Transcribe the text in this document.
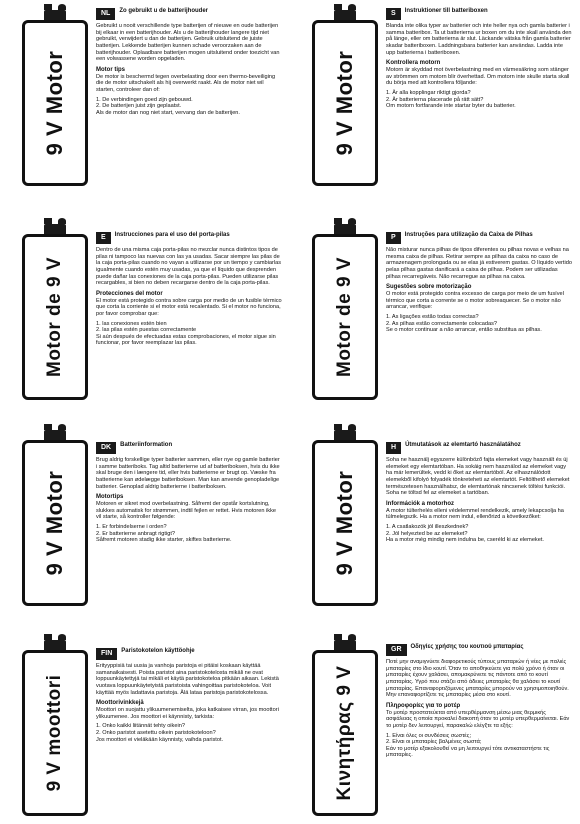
9 V Motor
NL Zo gebruikt u de batterijhouder
Gebruikt u nooit verschillende type batterijen of nieuwe en oude batterijen bij elkaar in een batterijhouder. Als u de batterijhouder langere tijd niet gebruikt, verwijdert u dan de batterijen. Gebruik uitsluitend de juiste batterijen. Lekkende batterijen kunnen schade veroorzaken aan de batterijhouder. Oplaadbare batterijen mogen uitsluitend onder toezicht van een volwassene worden opgeladen.
Motor tips
De motor is beschermd tegen overbelasting door een thermo-beveiliging die de motor uitschakelt als hij overwerkt raakt. Als de motor niet wil starten, controleer dan of:
1. De verbindingen goed zijn gebouwd.
2. De batterijen juist zijn geplaatst.
Als de motor dan nog niet start, vervang dan de batterijen.	9 V Motor
S Instruktioner till batteriboxen
Blanda inte olika typer av batterier och inte heller nya och gamla batterier i samma batteribox. Ta ut batterierna ur boxen om du inte skall använda den på länge, eller om batterierna är slut. Läckande vätska från gamla batterier skadar batteriboxen. Laddningsbara batterier kan användas. Ladda inte upp batterierna i batteriboxen.
Kontrollera motorn
Motorn är skyddad mot överbelastning med en värmesäkring som stänger av strömmen om motorn blir överhettad. Om motorn inte skulle starta skall du börja med att kontrollera följande:
1. Är alla kopplingar riktigt gjorda?
2. Är batterierna placerade på rätt sätt?
Om motorn fortfarande inte startar byter du batterier.
Motor de 9 V
E Instrucciones para el uso del porta-pilas
Dentro de una misma caja porta-pilas no mezclar nunca distintos tipos de pilas ni tampoco las nuevas con las ya usadas. Sacar siempre las pilas de la caja porta-pilas cuando no vayan a utilizarse por un tiempo y cambiarlas igualmente cuando estén muy usadas, ya que el líquido que desprenden puede dañar las conexiones de la caja porta-pilas. Pueden utilizarse pilas recargables, si bien no deben recargarse dentro de la caja porta-pilas.
Protecciones del motor
El motor está protegido contra sobre carga por medio de un fusible térmico que corta la corriente si el motor está recalentado. Si el motor no funciona, por favor comprobar que:
1. las conexiones estén bien
2. las pilas estén puestas correctamente
Si aún después de efectuadas estas comprobaciones, el motor sigue sin funcionar, por favor reemplazar las pilas.	Motor de 9 V
P Instruções para utilização da Caixa de Pilhas
Não misturar nunca pilhas de tipos diferentes ou pilhas novas e velhas na mesma caixa de pilhas. Retirar sempre as pilhas da caixa no caso de armazenagem prolongada ou se elas já estiverem gastas. O líquido vertido pelas pilhas gastas danificará a caixa de pilhas. Podem ser utilizadas pilhas recarregáveis. Não recarregue as pilhas na caixa.
Sugestões sobre motorização
O motor está protegido contra excesso de carga por meio de um fusível térmico que corta a corrente se o motor sobreaquecer. Se o motor não arrancar, verifique:
1. As ligações estão todas correctas?
2. As pilhas estão correctamente colocadas?
Se o motor continuar a não arrancar, então substitua as pilhas.
9 V Motor
DK Batteriinformation
Brug aldrig forskellige typer batterier sammen, eller nye og gamle batterier i samme batteriboks. Tag altid batterierne ud af batteriboksen, hvis du ikke skal bruge den i længere tid, eller hvis batterierne er brugt op. Væske fra batterierne kan ødelægge batteriboksen. Man kan anvende genopladelige batterier. Genoplad aldrig batterierne i batteriboksen.
Motortips
Motoren er sikret mod overbelastning. Såfremt der opstår kortslutning, slukkes automatisk for strømmen, indtil fejlen er rettet. Hvis motoren ikke vil starte, så kontroller følgende:
1. Er forbindelserne i orden?
2. Er batterierne anbragt rigtigt?
Såfremt motoren stadig ikke starter, skiftes batterierne.	9 V Motor
H Útmutatások az elemtartó használatához
Soha ne használj egyszerre különböző fajta elemeket vagy használt és új elemeket egy elemtartóban. Ha sokáig nem használod az elemeket vagy ha már lemerültek, vedd ki őket az elemtartóból. Az elhasználódott elemekből kifolyó folyadék tönkreteheti az elemtartót. Feltölthető elemeket természetesen használhatsz, de elemtartónak nincsenek töltési funkciói. Soha ne töltsd fel az elemeket a tartóban.
Információk a motorhoz
A motor túlterhelés elleni védelemmel rendelkezik, amely lekapcsolja ha túlmelegszik. Ha a motor nem indul, ellenőrizd a következőket:
1. A csatlakozók jól illeszkednek?
2. Jól helyezted be az elemeket?
Ha a motor még mindig nem indulna be, cseréld ki az elemeket.
9 V moottori
FIN Paristokotelon käyttöohje
Erityyppisiä tai uusia ja vanhoja paristoja ei pitäisi koskaan käyttää samanaikaisesti. Poista paristot aina paristokotelosta mikäli ne ovat loppuunkäytettyjä tai mikäli et käytä paristokoteloa pitkään aikaan. Lekistä vuotava loppuunkäytetyistä paristoista vahingoittaa paristokoteloa. Voit käyttää myös ladattavia paristoja. Älä lataa paristoja paristokotelossa.
Moottorivinkkejä
Moottori on suojattu ylikuumenemiselta, joka katkaisee virran, jos moottori ylikuumenee. Jos moottori ei käynnisty, tarkista:
1. Onko kaikki liitännät tehty oikein?
2. Onko paristot asetettu oikein paristokoteloon?
Jos moottori ei vieläkään käynnisty, vaihda paristot.	Κινητήρας 9 V
GR Οδηγίες χρήσης του κουτιού μπαταρίας
Ποτέ μην αναμιγνύετε διαφορετικούς τύπους μπαταριών ή νέες με παλιές μπαταρίες στο ίδιο κουτί. Όταν το αποθηκεύετε για πολύ χρόνο ή όταν οι μπαταρίες έχουν χαλάσει, απομακρύνετε τις πάντοτε από το κουτί μπαταρίας. Υγρό που στάζει από άδειες μπαταρίες θα χαλάσει το κουτί μπαταρίας. Επαναφορτιζόμενες μπαταρίες μπορούν να χρησιμοποιηθούν. Μην επαναφορτίζετε τις μπαταρίες μέσα στο κουτί.
Πληροφορίες για το μοτέρ
Το μοτέρ προστατεύεται από υπερθέρμανση μέσω μιας θερμικής ασφάλειας η οποία προκαλεί διακοπή όταν το μοτέρ υπερθερμαίνεται. Εάν το μοτέρ δεν λειτουργεί, παρακαλώ ελέγξτε τα εξής:
1. Είναι όλες οι συνδέσεις σωστές;
2. Είναι οι μπαταρίες βαλμένες σωστά;
Εάν το μοτέρ εξακολουθεί να μη λειτουργεί τότε αντικαταστήστε τις μπαταρίες.
